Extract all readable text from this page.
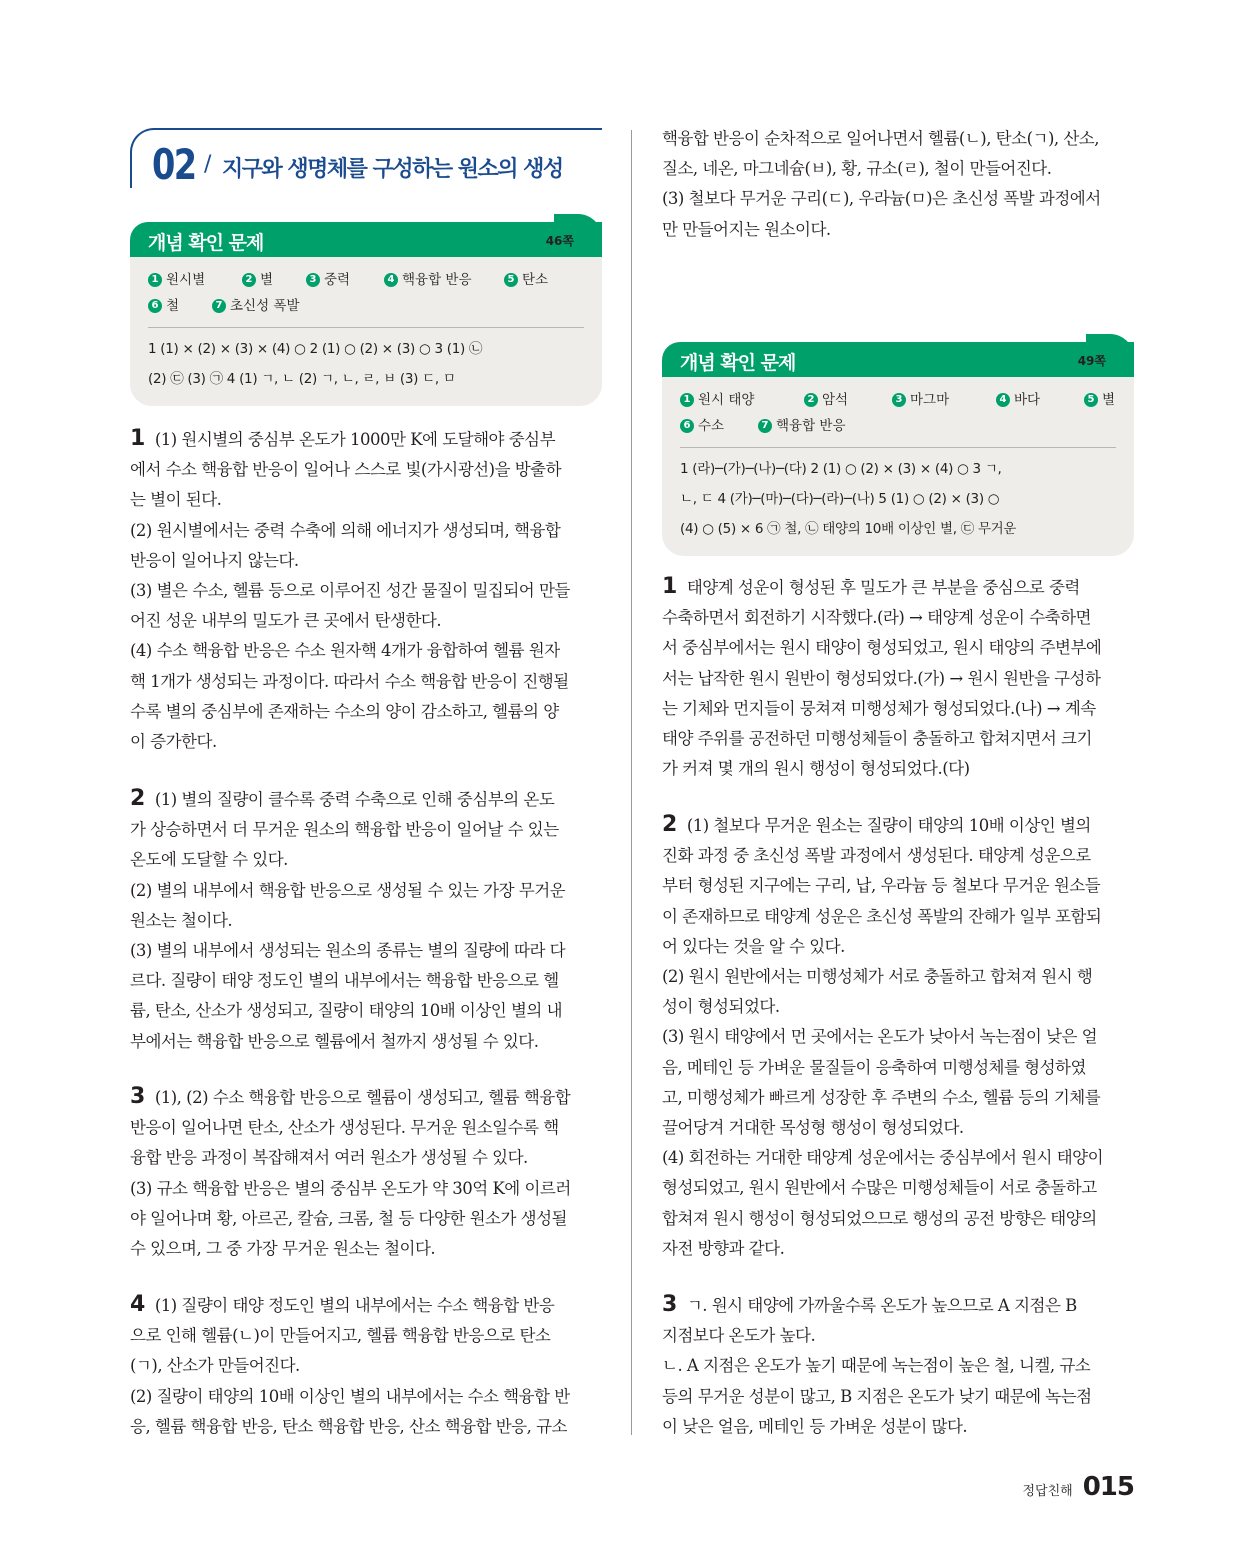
02 / 지구와 생명체를 구성하는 원소의 생성
개념 확인 문제	46쪽
1 원시별	2 별	3 중력	4 핵융합 반응	5 탄소
6 철	7 초신성 폭발
1 (1) × (2) × (3) × (4) ○ 2 (1) ○ (2) × (3) ○ 3 (1) ㉡
(2) ㉢ (3) ㉠ 4 (1) ㄱ, ㄴ (2) ㄱ, ㄴ, ㄹ, ㅂ (3) ㄷ, ㅁ
핵융합 반응이 순차적으로 일어나면서 헬륨(ㄴ), 탄소(ㄱ), 산소,
질소, 네온, 마그네슘(ㅂ), 황, 규소(ㄹ), 철이 만들어진다.
(3) 철보다 무거운 구리(ㄷ), 우라늄(ㅁ)은 초신성 폭발 과정에서
만 만들어지는 원소이다.
개념 확인 문제	49쪽
1 원시 태양	2 암석	3 마그마	4 바다	5 별
6 수소	7 핵융합 반응
1 (라)─(가)─(나)─(다) 2 (1) ○ (2) × (3) × (4) ○ 3 ㄱ,
ㄴ, ㄷ 4 (가)─(마)─(다)─(라)─(나) 5 (1) ○ (2) × (3) ○
(4) ○ (5) × 6 ㉠ 철, ㉡ 태양의 10배 이상인 별, ㉢ 무거운
1 (1) 원시별의 중심부 온도가 1000만 K에 도달해야 중심부
에서 수소 핵융합 반응이 일어나 스스로 빛(가시광선)을 방출하
는 별이 된다.
(2) 원시별에서는 중력 수축에 의해 에너지가 생성되며, 핵융합
반응이 일어나지 않는다.
(3) 별은 수소, 헬륨 등으로 이루어진 성간 물질이 밀집되어 만들
어진 성운 내부의 밀도가 큰 곳에서 탄생한다.
(4) 수소 핵융합 반응은 수소 원자핵 4개가 융합하여 헬륨 원자
핵 1개가 생성되는 과정이다. 따라서 수소 핵융합 반응이 진행될
수록 별의 중심부에 존재하는 수소의 양이 감소하고, 헬륨의 양
이 증가한다.
2 (1) 별의 질량이 클수록 중력 수축으로 인해 중심부의 온도
가 상승하면서 더 무거운 원소의 핵융합 반응이 일어날 수 있는
온도에 도달할 수 있다.
(2) 별의 내부에서 핵융합 반응으로 생성될 수 있는 가장 무거운
원소는 철이다.
(3) 별의 내부에서 생성되는 원소의 종류는 별의 질량에 따라 다
르다. 질량이 태양 정도인 별의 내부에서는 핵융합 반응으로 헬
륨, 탄소, 산소가 생성되고, 질량이 태양의 10배 이상인 별의 내
부에서는 핵융합 반응으로 헬륨에서 철까지 생성될 수 있다.
3 (1), (2) 수소 핵융합 반응으로 헬륨이 생성되고, 헬륨 핵융합
반응이 일어나면 탄소, 산소가 생성된다. 무거운 원소일수록 핵
융합 반응 과정이 복잡해져서 여러 원소가 생성될 수 있다.
(3) 규소 핵융합 반응은 별의 중심부 온도가 약 30억 K에 이르러
야 일어나며 황, 아르곤, 칼슘, 크롬, 철 등 다양한 원소가 생성될
수 있으며, 그 중 가장 무거운 원소는 철이다.
4 (1) 질량이 태양 정도인 별의 내부에서는 수소 핵융합 반응
으로 인해 헬륨(ㄴ)이 만들어지고, 헬륨 핵융합 반응으로 탄소
(ㄱ), 산소가 만들어진다.
(2) 질량이 태양의 10배 이상인 별의 내부에서는 수소 핵융합 반
응, 헬륨 핵융합 반응, 탄소 핵융합 반응, 산소 핵융합 반응, 규소
1 태양계 성운이 형성된 후 밀도가 큰 부분을 중심으로 중력
수축하면서 회전하기 시작했다.(라) → 태양계 성운이 수축하면
서 중심부에서는 원시 태양이 형성되었고, 원시 태양의 주변부에
서는 납작한 원시 원반이 형성되었다.(가) → 원시 원반을 구성하
는 기체와 먼지들이 뭉쳐져 미행성체가 형성되었다.(나) → 계속
태양 주위를 공전하던 미행성체들이 충돌하고 합쳐지면서 크기
가 커져 몇 개의 원시 행성이 형성되었다.(다)
2 (1) 철보다 무거운 원소는 질량이 태양의 10배 이상인 별의
진화 과정 중 초신성 폭발 과정에서 생성된다. 태양계 성운으로
부터 형성된 지구에는 구리, 납, 우라늄 등 철보다 무거운 원소들
이 존재하므로 태양계 성운은 초신성 폭발의 잔해가 일부 포함되
어 있다는 것을 알 수 있다.
(2) 원시 원반에서는 미행성체가 서로 충돌하고 합쳐져 원시 행
성이 형성되었다.
(3) 원시 태양에서 먼 곳에서는 온도가 낮아서 녹는점이 낮은 얼
음, 메테인 등 가벼운 물질들이 응축하여 미행성체를 형성하였
고, 미행성체가 빠르게 성장한 후 주변의 수소, 헬륨 등의 기체를
끌어당겨 거대한 목성형 행성이 형성되었다.
(4) 회전하는 거대한 태양계 성운에서는 중심부에서 원시 태양이
형성되었고, 원시 원반에서 수많은 미행성체들이 서로 충돌하고
합쳐져 원시 행성이 형성되었으므로 행성의 공전 방향은 태양의
자전 방향과 같다.
3 ㄱ. 원시 태양에 가까울수록 온도가 높으므로 A 지점은 B
지점보다 온도가 높다.
ㄴ. A 지점은 온도가 높기 때문에 녹는점이 높은 철, 니켈, 규소
등의 무거운 성분이 많고, B 지점은 온도가 낮기 때문에 녹는점
이 낮은 얼음, 메테인 등 가벼운 성분이 많다.
정답친해 015
